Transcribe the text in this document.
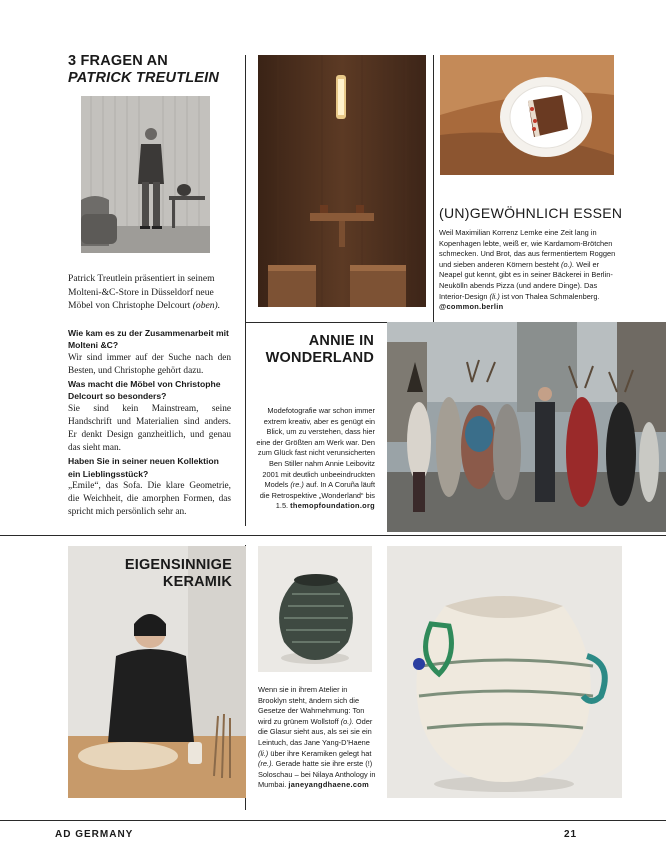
3 FRAGEN AN
PATRICK TREUTLEIN
Patrick Treutlein präsentiert in seinem Molteni-&C-Store in Düsseldorf neue Möbel von Christophe Delcourt (oben).
Wie kam es zu der Zusammenarbeit mit Molteni &C?
Wir sind immer auf der Suche nach den Besten, und Christophe gehört dazu.
Was macht die Möbel von Christophe Delcourt so besonders?
Sie sind kein Mainstream, seine Handschrift und Materialien sind anders. Er denkt Design ganzheitlich, und genau das sieht man.
Haben Sie in seiner neuen Kollektion ein Lieblingsstück?
„Emile“, das Sofa. Die klare Geometrie, die Weichheit, die amorphen Formen, das spricht mich persönlich sehr an.
(UN)GEWÖHNLICH ESSEN
Weil Maximilian Korrenz Lemke eine Zeit lang in Kopenhagen lebte, weiß er, wie Kardamom-Brötchen schmecken. Und Brot, das aus fermentiertem Roggen und sieben anderen Körnern besteht (o.). Weil er Neapel gut kennt, gibt es in seiner Bäckerei in Berlin-Neukölln abends Pizza (und andere Dinge). Das Interior-Design (li.) ist von Thalea Schmalenberg. @common.berlin
ANNIE IN
WONDERLAND
Modefotografie war schon immer extrem kreativ, aber es genügt ein Blick, um zu verstehen, dass hier eine der Größten am Werk war. Den zum Glück fast nicht verunsicherten Ben Stiller nahm Annie Leibovitz 2001 mit deutlich unbeeindruckten Models (re.) auf. In A Coruña läuft die Retrospektive „Wonderland“ bis 1.5. themopfoundation.org
EIGENSINNIGE
KERAMIK
Wenn sie in ihrem Atelier in Brooklyn steht, ändern sich die Gesetze der Wahrnehmung: Ton wird zu grünem Wollstoff (o.). Oder die Glasur sieht aus, als sei sie ein Leintuch, das Jane Yang-D’Haene (li.) über ihre Keramiken gelegt hat (re.). Gerade hatte sie ihre erste (!) Soloschau – bei Nilaya Anthology in Mumbai. janeyangdhaene.com
AD GERMANY	21
